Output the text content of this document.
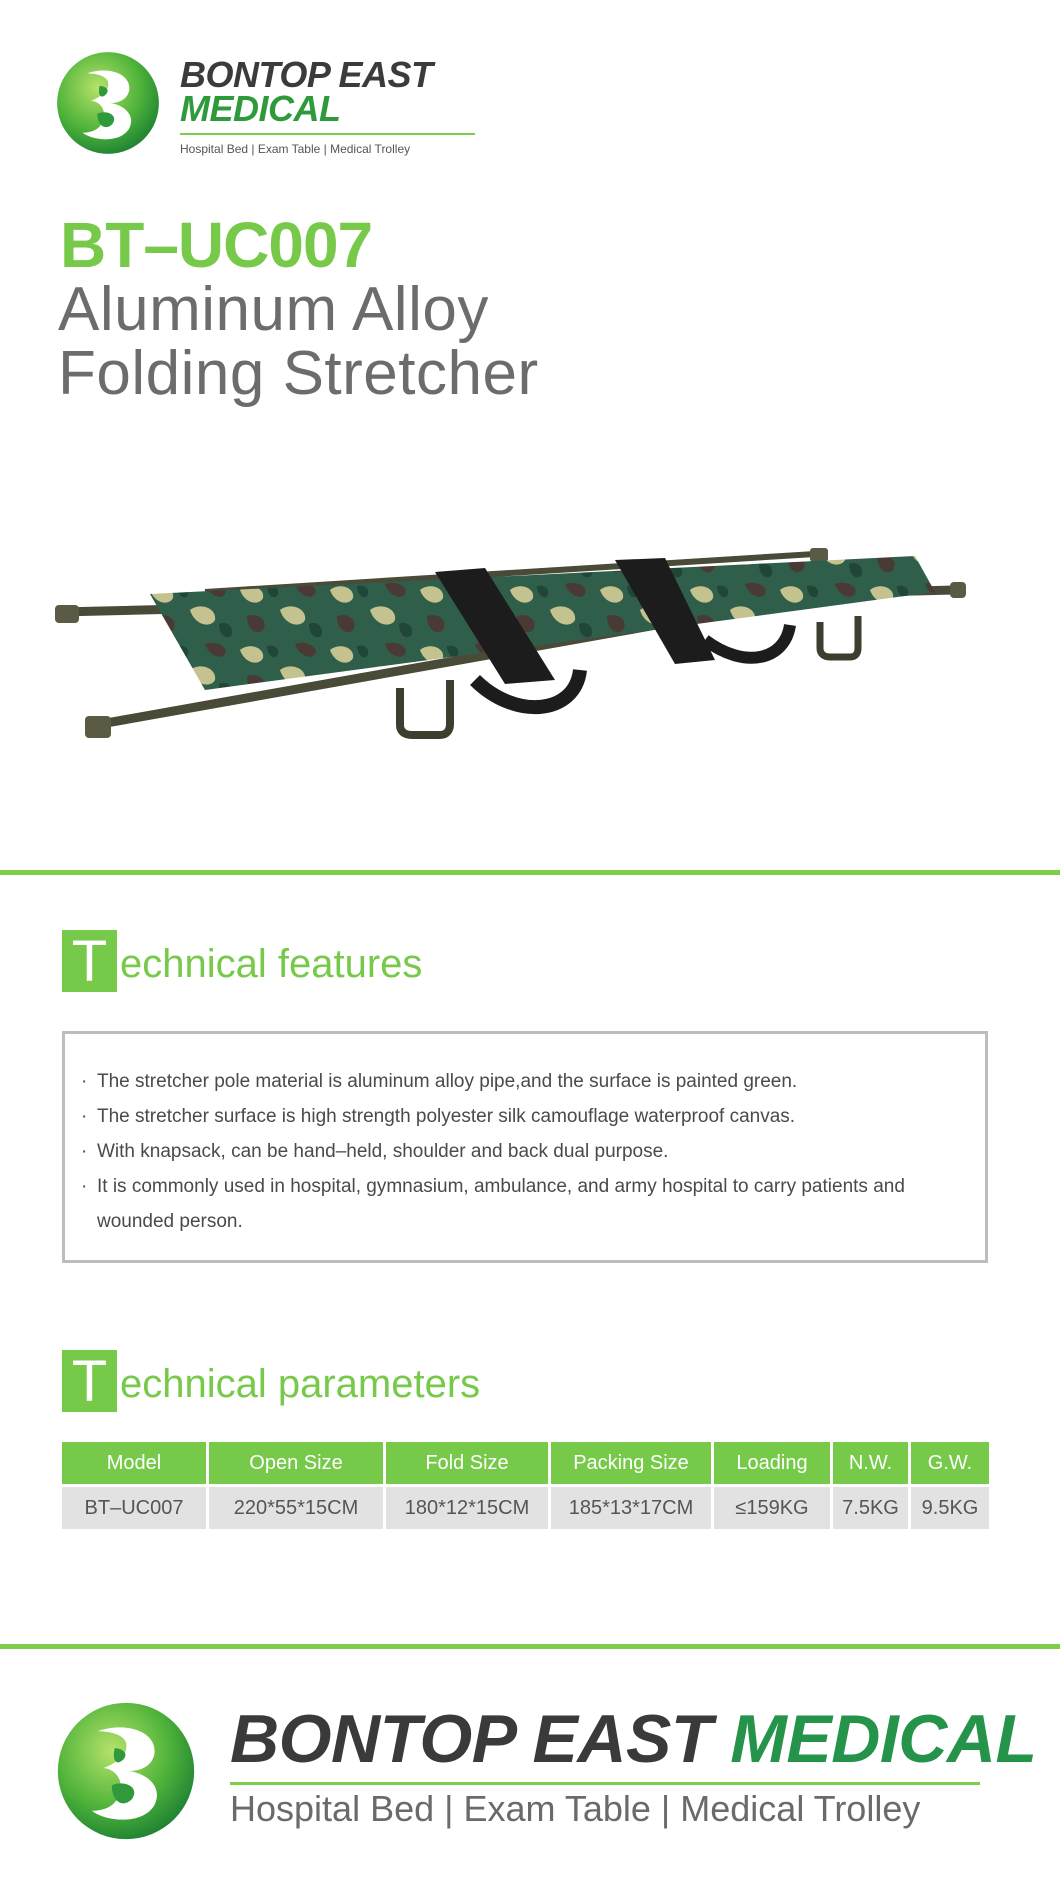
BONTOP EAST
MEDICAL
Hospital Bed | Exam Table | Medical Trolley
BT–UC007
Aluminum Alloy
Folding Stretcher
T echnical features
· The stretcher pole material is aluminum alloy pipe,and the surface is painted green.
· The stretcher surface is high strength polyester silk camouflage waterproof canvas.
· With knapsack, can be hand–held, shoulder and back dual purpose.
· It is commonly used in hospital, gymnasium, ambulance, and army hospital to carry patients and wounded person.
T echnical parameters
Model	Open Size	Fold Size	Packing Size	Loading	N.W.	G.W.
BT–UC007	220*55*15CM	180*12*15CM	185*13*17CM	≤159KG	7.5KG	9.5KG
BONTOP EAST MEDICAL
Hospital Bed | Exam Table | Medical Trolley
